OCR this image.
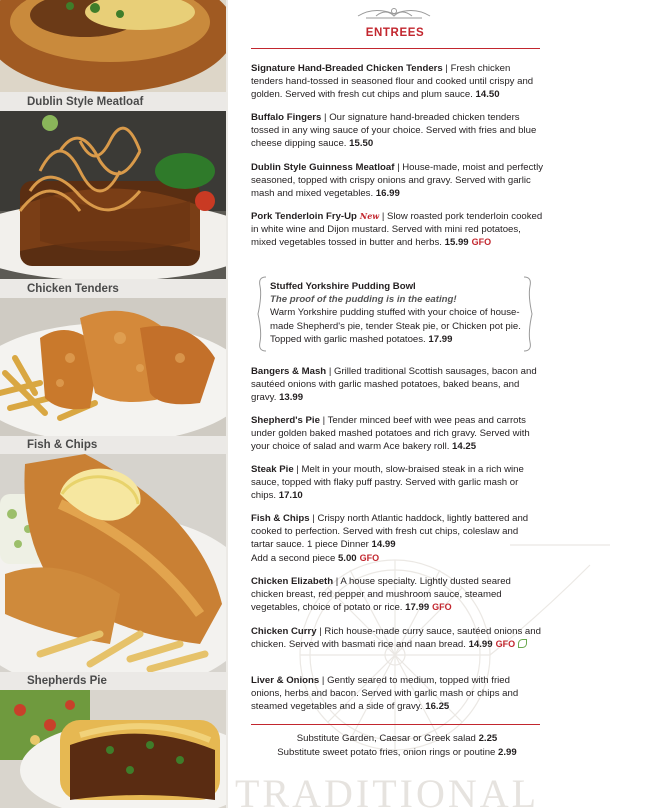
Dublin Style Meatloaf
Chicken Tenders
Fish & Chips
Shepherds Pie
TRADITIONAL
ENTREES
Signature Hand-Breaded Chicken Tenders | Fresh chicken tenders hand-tossed in seasoned flour and cooked until crispy and golden. Served with fresh cut chips and plum sauce. 14.50
Buffalo Fingers | Our signature hand-breaded chicken tenders tossed in any wing sauce of your choice. Served with fries and blue cheese dipping sauce. 15.50
Dublin Style Guinness Meatloaf | House-made, moist and perfectly seasoned, topped with crispy onions and gravy. Served with garlic mash and mixed vegetables. 16.99
Pork Tenderloin Fry-Up New | Slow roasted pork tenderloin cooked in white wine and Dijon mustard. Served with mini red potatoes, mixed vegetables tossed in butter and herbs. 15.99 GFO
Stuffed Yorkshire Pudding Bowl
The proof of the pudding is in the eating!
Warm Yorkshire pudding stuffed with your choice of house-made Shepherd's pie, tender Steak pie, or Chicken pot pie. Topped with garlic mashed potatoes. 17.99
Bangers & Mash | Grilled traditional Scottish sausages, bacon and sautéed onions with garlic mashed potatoes, baked beans, and gravy. 13.99
Shepherd's Pie | Tender minced beef with wee peas and carrots under golden baked mashed potatoes and rich gravy. Served with your choice of salad and warm Ace bakery roll. 14.25
Steak Pie | Melt in your mouth, slow-braised steak in a rich wine sauce, topped with flaky puff pastry. Served with garlic mash or chips. 17.10
Fish & Chips | Crispy north Atlantic haddock, lightly battered and cooked to perfection. Served with fresh cut chips, coleslaw and tartar sauce. 1 piece Dinner 14.99
Add a second piece 5.00 GFO
Chicken Elizabeth | A house specialty. Lightly dusted seared chicken breast, red pepper and mushroom sauce, steamed vegetables, choice of potato or rice. 17.99 GFO
Chicken Curry | Rich house-made curry sauce, sautéed onions and chicken. Served with basmati rice and naan bread. 14.99 GFO
Liver & Onions | Gently seared to medium, topped with fried onions, herbs and bacon. Served with garlic mash or chips and steamed vegetables and a side of gravy. 16.25
Substitute Garden, Caesar or Greek salad 2.25
Substitute sweet potato fries, onion rings or poutine 2.99
